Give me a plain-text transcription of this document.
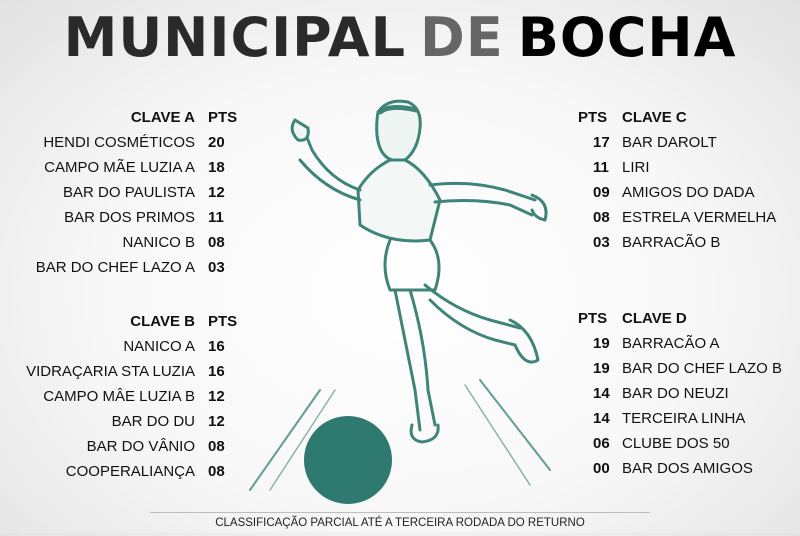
MUNICIPAL DE BOCHA
CLAVE A PTS
HENDI COSMÉTICOS 20
CAMPO MÃE LUZIA A 18
BAR DO PAULISTA 12
BAR DOS PRIMOS 11
NANICO B 08
BAR DO CHEF LAZO A 03
CLAVE B PTS
NANICO A 16
VIDRAÇARIA STA LUZIA 16
CAMPO MÂE LUZIA B 12
BAR DO DU 12
BAR DO VÂNIO 08
COOPERALIANÇA 08
PTS CLAVE C
17 BAR DAROLT
11 LIRI
09 AMIGOS DO DADA
08 ESTRELA VERMELHA
03 BARRACÃO B
PTS CLAVE D
19 BARRACÃO A
19 BAR DO CHEF LAZO B
14 BAR DO NEUZI
14 TERCEIRA LINHA
06 CLUBE DOS 50
00 BAR DOS AMIGOS
CLASSIFICAÇÃO PARCIAL ATÉ A TERCEIRA RODADA DO RETURNO
